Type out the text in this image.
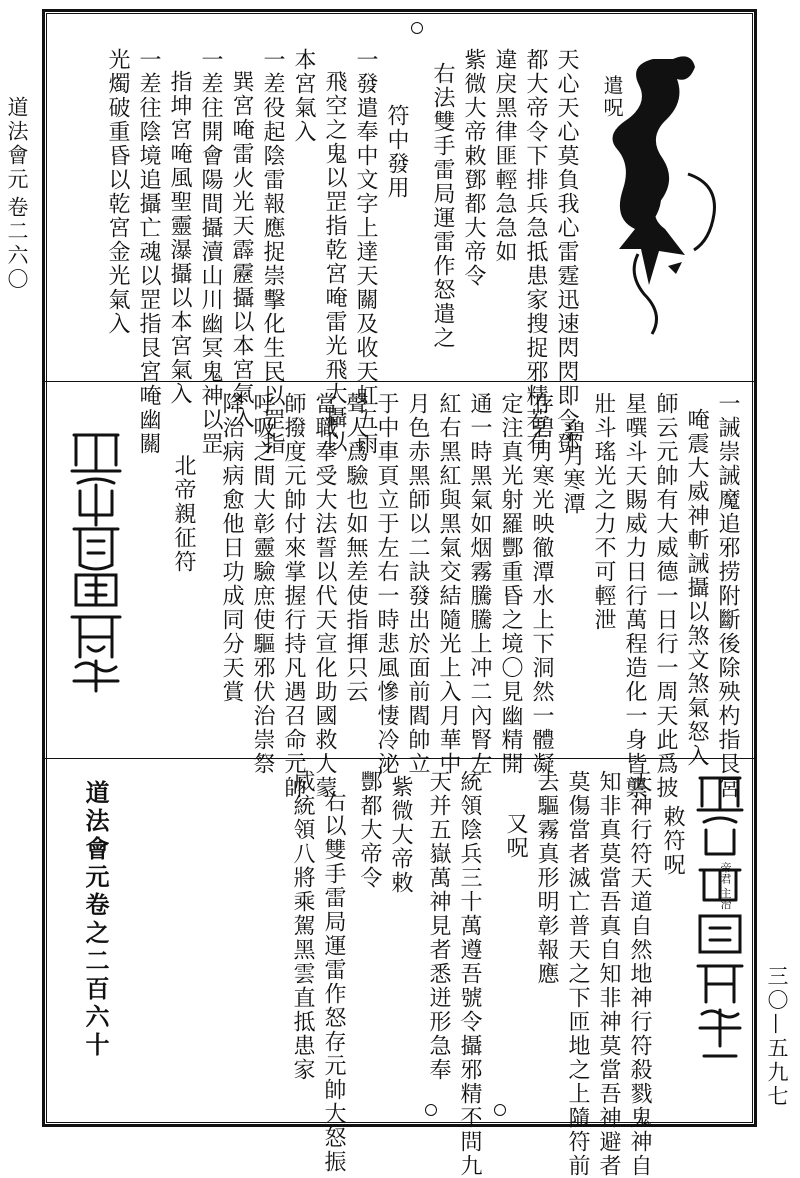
道法會元
卷二六〇
三〇—五九七
遣呪
天心天心莫負我心雷霆迅速閃閃即令鄧
都大帝令下排兵急抵患家搜捉邪精若有
違戾黑律匪輕急急如
紫微大帝敕鄧都大帝令
右法雙手雷局運雷作怒遣之
符中發用
一發遣奉中文字上達天關及收天虹五雨
飛空之鬼以罡指乾宮唵雷光飛大攝以
本宮氣入
一差役起陰雷報應捉崇擊化生民以罡指
巽宮唵雷火光天霹靂攝以本宮氣入
一差往開會陽間攝瀆山川幽冥鬼神以罡
指坤宮唵風聖靈瀑攝以本宮氣入
一差往陰境追攝亡魂以罡指艮宮唵幽關
光燭破重昏以乾宮金光氣入
一誡崇誡魔追邪捞附斷後除殃杓指艮宮
唵震大威神斬誡攝以煞文煞氣怒入
師云元帥有大威德一日行一周天此爲披
星噀斗天賜威力日行萬程造化一身皆龒
壯斗瑤光之力不可輕泄
碧月寒潭
存碧月寒光映徹潭水上下洞然一體凝
定注真光射羅酆重昏之境〇見幽精開
通一時黑氣如烟霧騰騰上冲二內腎左
紅右黑紅與黑氣交結隨光上入月華中
月色赤黑師以二訣發出於面前閻帥立
于中車頁立于左右一時悲風慘悽冷泌
聲人爲驗也如無差使指揮只云
當職奉受大法誓以代天宣化助國救人蒙
師撥度元帥付來掌握行持凡遇召命元帥
呼吸之間大彰靈驗庶使驅邪伏治崇祭
降治病病愈他日功成同分天賞
北帝親征符
帝君 主治
敕符呪
天神行符天道自然地神行符殺戮鬼神自
知非真莫當吾真自知非神莫當吾神避者
莫傷當者滅亡普天之下匝地之上隨符前
去驅霧真形明彰報應
又呪
統領陰兵三十萬遵吾號令攝邪精不問九
天并五嶽萬神見者悉迸形急奉
紫微大帝敕
酆都大帝令
右以雙手雷局運雷作怒存元帥大怒振
威統領八將乘駕黑雲直抵患家
道法會元卷之二百六十
